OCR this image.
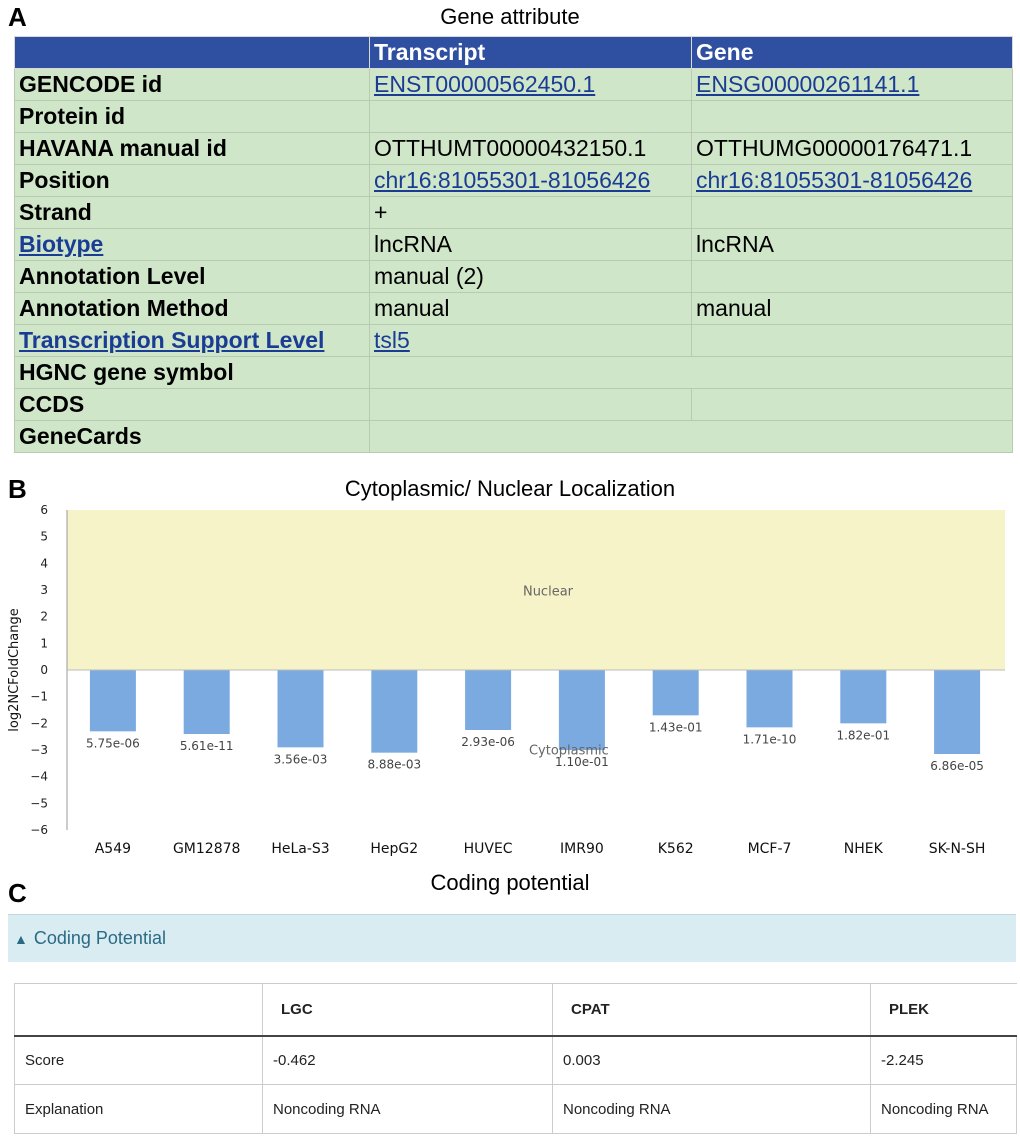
A	Gene attribute
	Transcript	Gene
GENCODE id	ENST00000562450.1	ENSG00000261141.1
Protein id		
HAVANA manual id	OTTHUMT00000432150.1	OTTHUMG00000176471.1
Position	chr16:81055301-81056426	chr16:81055301-81056426
Strand	+	
Biotype	lncRNA	lncRNA
Annotation Level	manual (2)	
Annotation Method	manual	manual
Transcription Support Level	tsl5	
HGNC gene symbol		
CCDS		
GeneCards		
B	Cytoplasmic/ Nuclear Localization
Nuclear
6
5
4
3
2
1
0
−1
−2
−3
−4
−5
−6
A549	GM12878 HeLa-S3	HepG2	HUVEC	IMR90	K562	MCF-7	NHEK	SK-N-SH
5.75e-06	5.61e-11
3.56e-03	8.88e-03
2.93e-06
1.10e-01
1.43e-01
1.71e-10	1.82e-01
6.86e-05
Cytoplasmic
log2NCFoldChange
C	Coding potential
▲ Coding Potential
	LGC	CPAT	PLEK
Score	-0.462	0.003	-2.245
Explanation	Noncoding RNA	Noncoding RNA	Noncoding RNA
